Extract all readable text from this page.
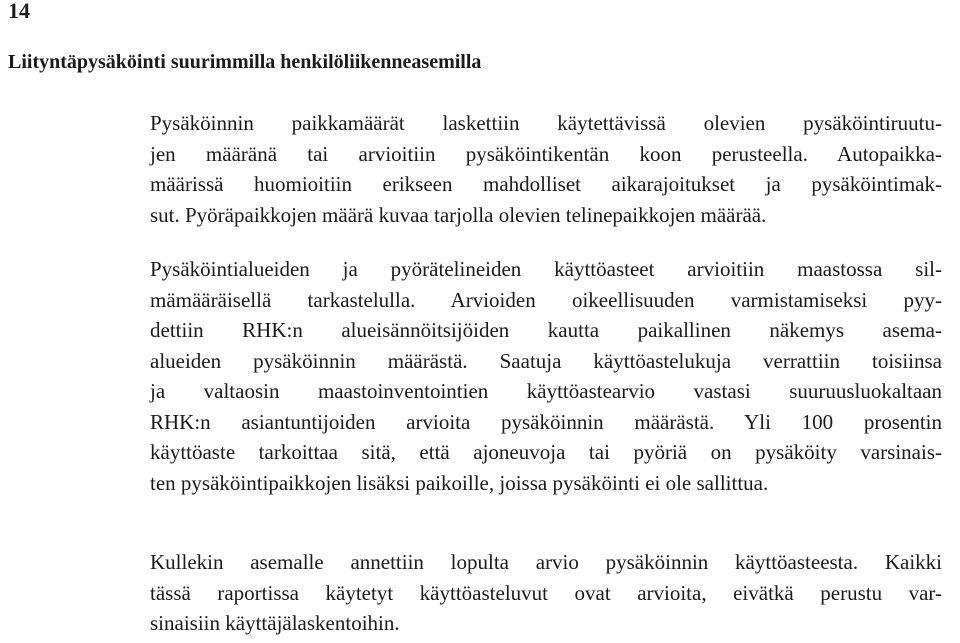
14
Liityntäpysäköinti suurimmilla henkilöliikenneasemilla

Pysäköinnin paikkamäärät laskettiin käytettävissä olevien pysäköintiruutu-
jen määränä tai arvioitiin pysäköintikentän koon perusteella. Autopaikka-
määrissä huomioitiin erikseen mahdolliset aikarajoitukset ja pysäköintimak-
sut. Pyöräpaikkojen määrä kuvaa tarjolla olevien telinepaikkojen määrää.

Pysäköintialueiden ja pyörätelineiden käyttöasteet arvioitiin maastossa sil-
mämääräisellä tarkastelulla. Arvioiden oikeellisuuden varmistamiseksi pyy-
dettiin RHK:n alueisännöitsijöiden kautta paikallinen näkemys asema-
alueiden pysäköinnin määrästä. Saatuja käyttöastelukuja verrattiin toisiinsa
ja valtaosin maastoinventointien käyttöastearvio vastasi suuruusluokaltaan
RHK:n asiantuntijoiden arvioita pysäköinnin määrästä. Yli 100 prosentin
käyttöaste tarkoittaa sitä, että ajoneuvoja tai pyöriä on pysäköity varsinais-
ten pysäköintipaikkojen lisäksi paikoille, joissa pysäköinti ei ole sallittua.

Kullekin asemalle annettiin lopulta arvio pysäköinnin käyttöasteesta. Kaikki
tässä raportissa käytetyt käyttöasteluvut ovat arvioita, eivätkä perustu var-
sinaisiin käyttäjälaskentoihin.
